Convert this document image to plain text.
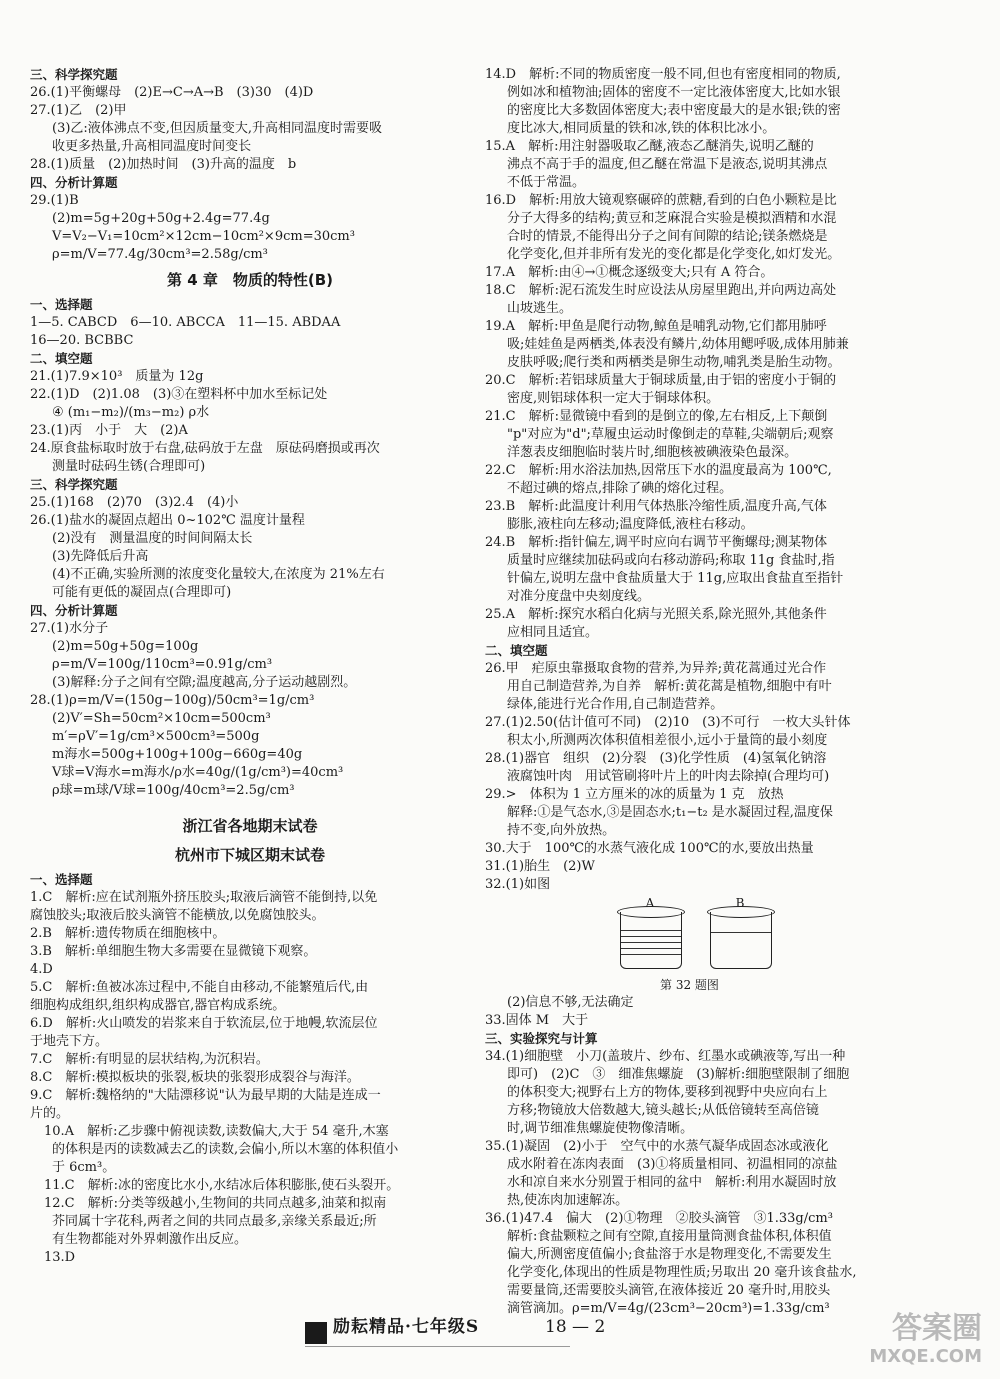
三、科学探究题
26.(1)平衡螺母　(2)E→C→A→B　(3)30　(4)D
27.(1)乙　(2)甲
(3)乙:液体沸点不变,但因质量变大,升高相同温度时需要吸
收更多热量,升高相同温度时间变长
28.(1)质量　(2)加热时间　(3)升高的温度　b
四、分析计算题
29.(1)B
(2)m=5g+20g+50g+2.4g=77.4g
V=V₂−V₁=10cm²×12cm−10cm²×9cm=30cm³
ρ=m/V=77.4g/30cm³=2.58g/cm³
第 4 章　物质的特性(B)
一、选择题
1—5. CABCD　6—10. ABCCA　11—15. ABDAA
16—20. BCBBC
二、填空题
21.(1)7.9×10³　质量为 12g
22.(1)D　(2)1.08　(3)③在塑料杯中加水至标记处
④ (m₁−m₂)/(m₃−m₂) ρ水
23.(1)丙　小于　大　(2)A
24.原食盐标取时放于右盘,砝码放于左盘　原砝码磨损或再次
测量时砝码生锈(合理即可)
三、科学探究题
25.(1)168　(2)70　(3)2.4　(4)小
26.(1)盐水的凝固点超出 0~102℃ 温度计量程
(2)没有　测量温度的时间间隔太长
(3)先降低后升高
(4)不正确,实验所测的浓度变化量较大,在浓度为 21%左右
可能有更低的凝固点(合理即可)
四、分析计算题
27.(1)水分子
(2)m=50g+50g=100g
ρ=m/V=100g/110cm³=0.91g/cm³
(3)解释:分子之间有空隙;温度越高,分子运动越剧烈。
28.(1)ρ=m/V=(150g−100g)/50cm³=1g/cm³
(2)V′=Sh=50cm²×10cm=500cm³
m′=ρV′=1g/cm³×500cm³=500g
m海水=500g+100g+100g−660g=40g
V球=V海水=m海水/ρ水=40g/(1g/cm³)=40cm³
ρ球=m球/V球=100g/40cm³=2.5g/cm³
浙江省各地期末试卷
杭州市下城区期末试卷
一、选择题
1.C　解析:应在试剂瓶外挤压胶头;取液后滴管不能倒持,以免
腐蚀胶头;取液后胶头滴管不能横放,以免腐蚀胶头。
2.B　解析:遗传物质在细胞核中。
3.B　解析:单细胞生物大多需要在显微镜下观察。
4.D
5.C　解析:鱼被冰冻过程中,不能自由移动,不能繁殖后代,由
细胞构成组织,组织构成器官,器官构成系统。
6.D　解析:火山喷发的岩浆来自于软流层,位于地幔,软流层位
于地壳下方。
7.C　解析:有明显的层状结构,为沉积岩。
8.C　解析:模拟板块的张裂,板块的张裂形成裂谷与海洋。
9.C　解析:魏格纳的"大陆漂移说"认为最早期的大陆是连成一
片的。
10.A　解析:乙步骤中俯视读数,读数偏大,大于 54 毫升,木塞
的体积是丙的读数减去乙的读数,会偏小,所以木塞的体积值小
于 6cm³。
11.C　解析:冰的密度比水小,水结冰后体积膨胀,使石头裂开。
12.C　解析:分类等级越小,生物间的共同点越多,油菜和拟南
芥同属十字花科,两者之间的共同点最多,亲缘关系最近;所
有生物都能对外界刺激作出反应。
13.D
14.D　解析:不同的物质密度一般不同,但也有密度相同的物质,
例如冰和植物油;固体的密度不一定比液体密度大,比如水银
的密度比大多数固体密度大;表中密度最大的是水银;铁的密
度比冰大,相同质量的铁和冰,铁的体积比冰小。
15.A　解析:用注射器吸取乙醚,液态乙醚消失,说明乙醚的
沸点不高于手的温度,但乙醚在常温下是液态,说明其沸点
不低于常温。
16.D　解析:用放大镜观察碾碎的蔗糖,看到的白色小颗粒是比
分子大得多的结构;黄豆和芝麻混合实验是模拟酒精和水混
合时的情景,不能得出分子之间有间隙的结论;镁条燃烧是
化学变化,但并非所有发光的变化都是化学变化,如灯发光。
17.A　解析:由④→①概念逐级变大;只有 A 符合。
18.C　解析:泥石流发生时应设法从房屋里跑出,并向两边高处
山坡逃生。
19.A　解析:甲鱼是爬行动物,鲸鱼是哺乳动物,它们都用肺呼
吸;娃娃鱼是两栖类,体表没有鳞片,幼体用鳃呼吸,成体用肺兼
皮肤呼吸;爬行类和两栖类是卵生动物,哺乳类是胎生动物。
20.C　解析:若铝球质量大于铜球质量,由于铝的密度小于铜的
密度,则铝球体积一定大于铜球体积。
21.C　解析:显微镜中看到的是倒立的像,左右相反,上下颠倒
"p"对应为"d";草履虫运动时像倒走的草鞋,尖端朝后;观察
洋葱表皮细胞临时装片时,细胞核被碘液染色最深。
22.C　解析:用水浴法加热,因常压下水的温度最高为 100℃,
不超过碘的熔点,排除了碘的熔化过程。
23.B　解析:此温度计利用气体热胀冷缩性质,温度升高,气体
膨胀,液柱向左移动;温度降低,液柱右移动。
24.B　解析:指针偏左,调平时应向右调节平衡螺母;测某物体
质量时应继续加砝码或向右移动游码;称取 11g 食盐时,指
针偏左,说明左盘中食盐质量大于 11g,应取出食盐直至指针
对准分度盘中央刻度线。
25.A　解析:探究水稻白化病与光照关系,除光照外,其他条件
应相同且适宜。
二、填空题
26.甲　疟原虫靠摄取食物的营养,为异养;黄花蒿通过光合作
用自己制造营养,为自养　解析:黄花蒿是植物,细胞中有叶
绿体,能进行光合作用,自己制造营养。
27.(1)2.50(估计值可不同)　(2)10　(3)不可行　一枚大头针体
积太小,所测两次体积值相差很小,远小于量筒的最小刻度
28.(1)器官　组织　(2)分裂　(3)化学性质　(4)氢氧化钠溶
液腐蚀叶肉　用试管刷将叶片上的叶肉去除掉(合理均可)
29.>　体积为 1 立方厘米的冰的质量为 1 克　放热
解释:①是气态水,③是固态水;t₁−t₂ 是水凝固过程,温度保
持不变,向外放热。
30.大于　100℃的水蒸气液化成 100℃的水,要放出热量
31.(1)胎生　(2)W
32.(1)如图
A	B
第 32 题图
(2)信息不够,无法确定
33.固体 M　大于
三、实验探究与计算
34.(1)细胞壁　小刀(盖玻片、纱布、红墨水或碘液等,写出一种
即可)　(2)C　③　细准焦螺旋　(3)解析:细胞壁限制了细胞
的体积变大;视野右上方的物体,要移到视野中央应向右上
方移;物镜放大倍数越大,镜头越长;从低倍镜转至高倍镜
时,调节细准焦螺旋使物像清晰。
35.(1)凝固　(2)小于　空气中的水蒸气凝华成固态冰或液化
成水附着在冻肉表面　(3)①将质量相同、初温相同的凉盐
水和凉自来水分别置于相同的盆中　解析:利用水凝固时放
热,使冻肉加速解冻。
36.(1)47.4　偏大　(2)①物理　②胶头滴管　③1.33g/cm³
解析:食盐颗粒之间有空隙,直接用量筒测食盐体积,体积值
偏大,所测密度值偏小;食盐溶于水是物理变化,不需要发生
化学变化,体现出的性质是物理性质;另取出 20 毫升该食盐水,
需要量筒,还需要胶头滴管,在液体接近 20 毫升时,用胶头
滴管滴加。ρ=m/V=4g/(23cm³−20cm³)=1.33g/cm³
励耘精品·七年级S	18 — 2	答案圈
MXQE.COM
